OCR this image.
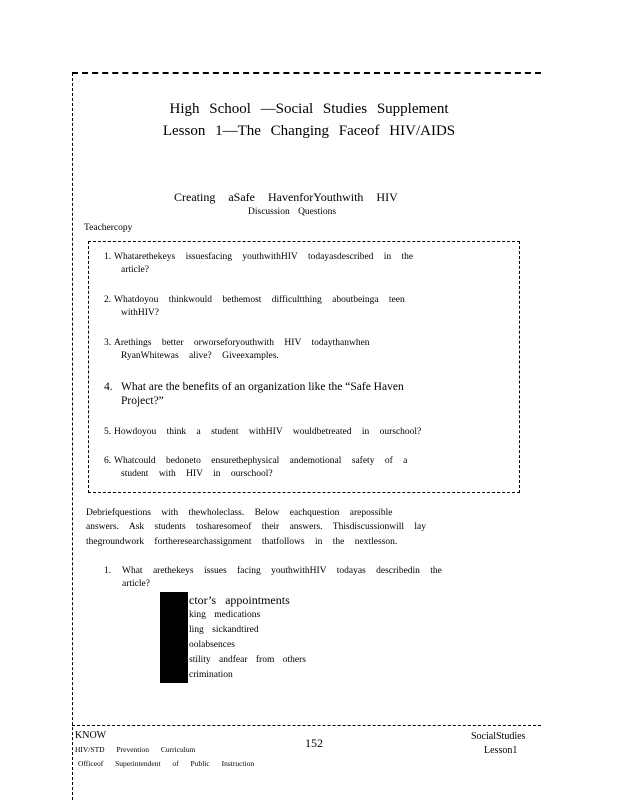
High School —Social Studies Supplement
Lesson 1—The Changing Faceof HIV/AIDS
Creating aSafe HavenforYouthwith HIV
Discussion Questions
Teachercopy
1. Whatarethekeys issuesfacing youthwithHIV todayasdescribed in the
article?
2. Whatdoyou thinkwould bethemost difficultthing aboutbeinga teen
withHIV?
3. Arethings better orworseforyouthwith HIV todaythanwhen
RyanWhitewas alive? Giveexamples.
4. What are the benefits of an organization like the “Safe Haven
Project?”
5. Howdoyou think a student withHIV wouldbetreated in ourschool?
6. Whatcould bedoneto ensurethephysical andemotional safety of a
student with HIV in ourschool?
Debriefquestions with thewholeclass. Below eachquestion arepossible
answers. Ask students tosharesomeof their answers. Thisdiscussionwill lay
thegroundwork fortheresearchassignment thatfollows in the nextlesson.
1. What arethekeys issues facing youthwithHIV todayas describedin the
article?
ctor’s appointments
king medications
ling sickandtired
oolabsences
stility andfear from others
crimination
KNOW
HIV/STD Prevention Curriculum
Officeof Superintendent of Public Instruction
152	SocialStudies
Lesson1
